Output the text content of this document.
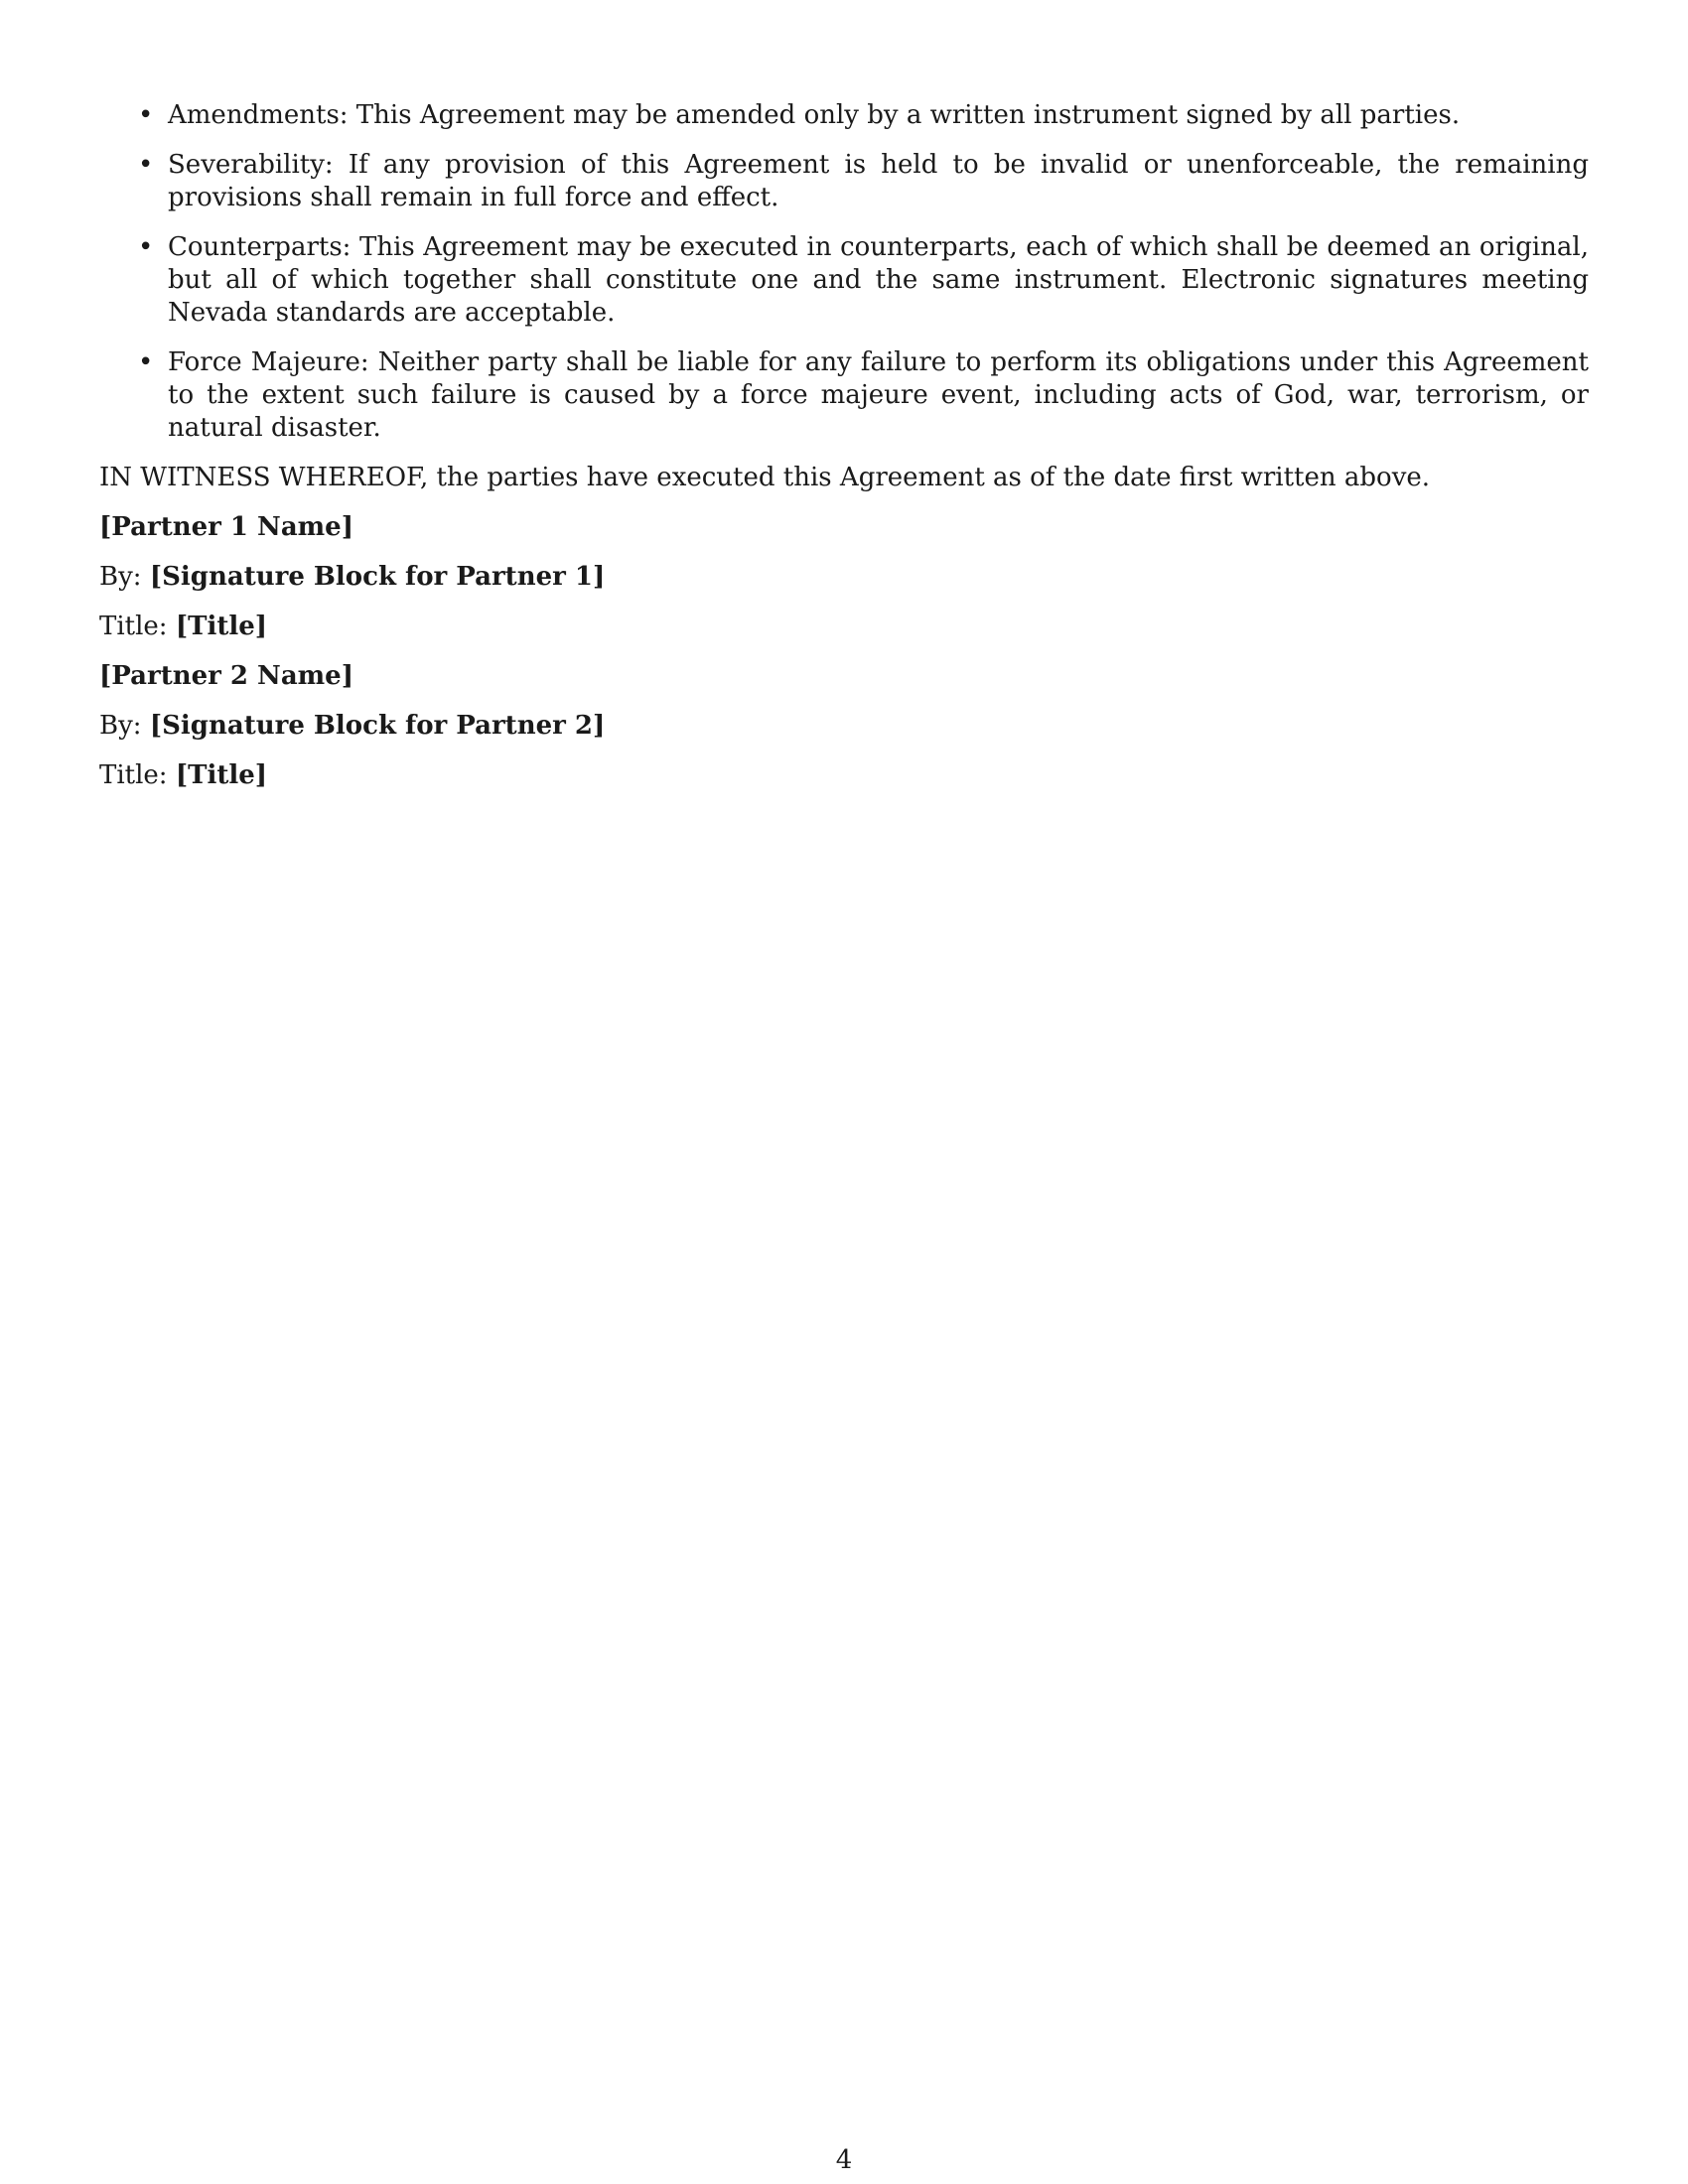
• Amendments: This Agreement may be amended only by a written instrument signed by all parties.
• Severability: If any provision of this Agreement is held to be invalid or unenforceable, the remaining provisions shall remain in full force and effect.
• Counterparts: This Agreement may be executed in counterparts, each of which shall be deemed an original, but all of which together shall constitute one and the same instrument. Electronic signatures meeting Nevada standards are acceptable.
• Force Majeure: Neither party shall be liable for any failure to perform its obligations under this Agreement to the extent such failure is caused by a force majeure event, including acts of God, war, terrorism, or natural disaster.

IN WITNESS WHEREOF, the parties have executed this Agreement as of the date first written above.

[Partner 1 Name]

By: [Signature Block for Partner 1]

Title: [Title]

[Partner 2 Name]

By: [Signature Block for Partner 2]

Title: [Title]

4
